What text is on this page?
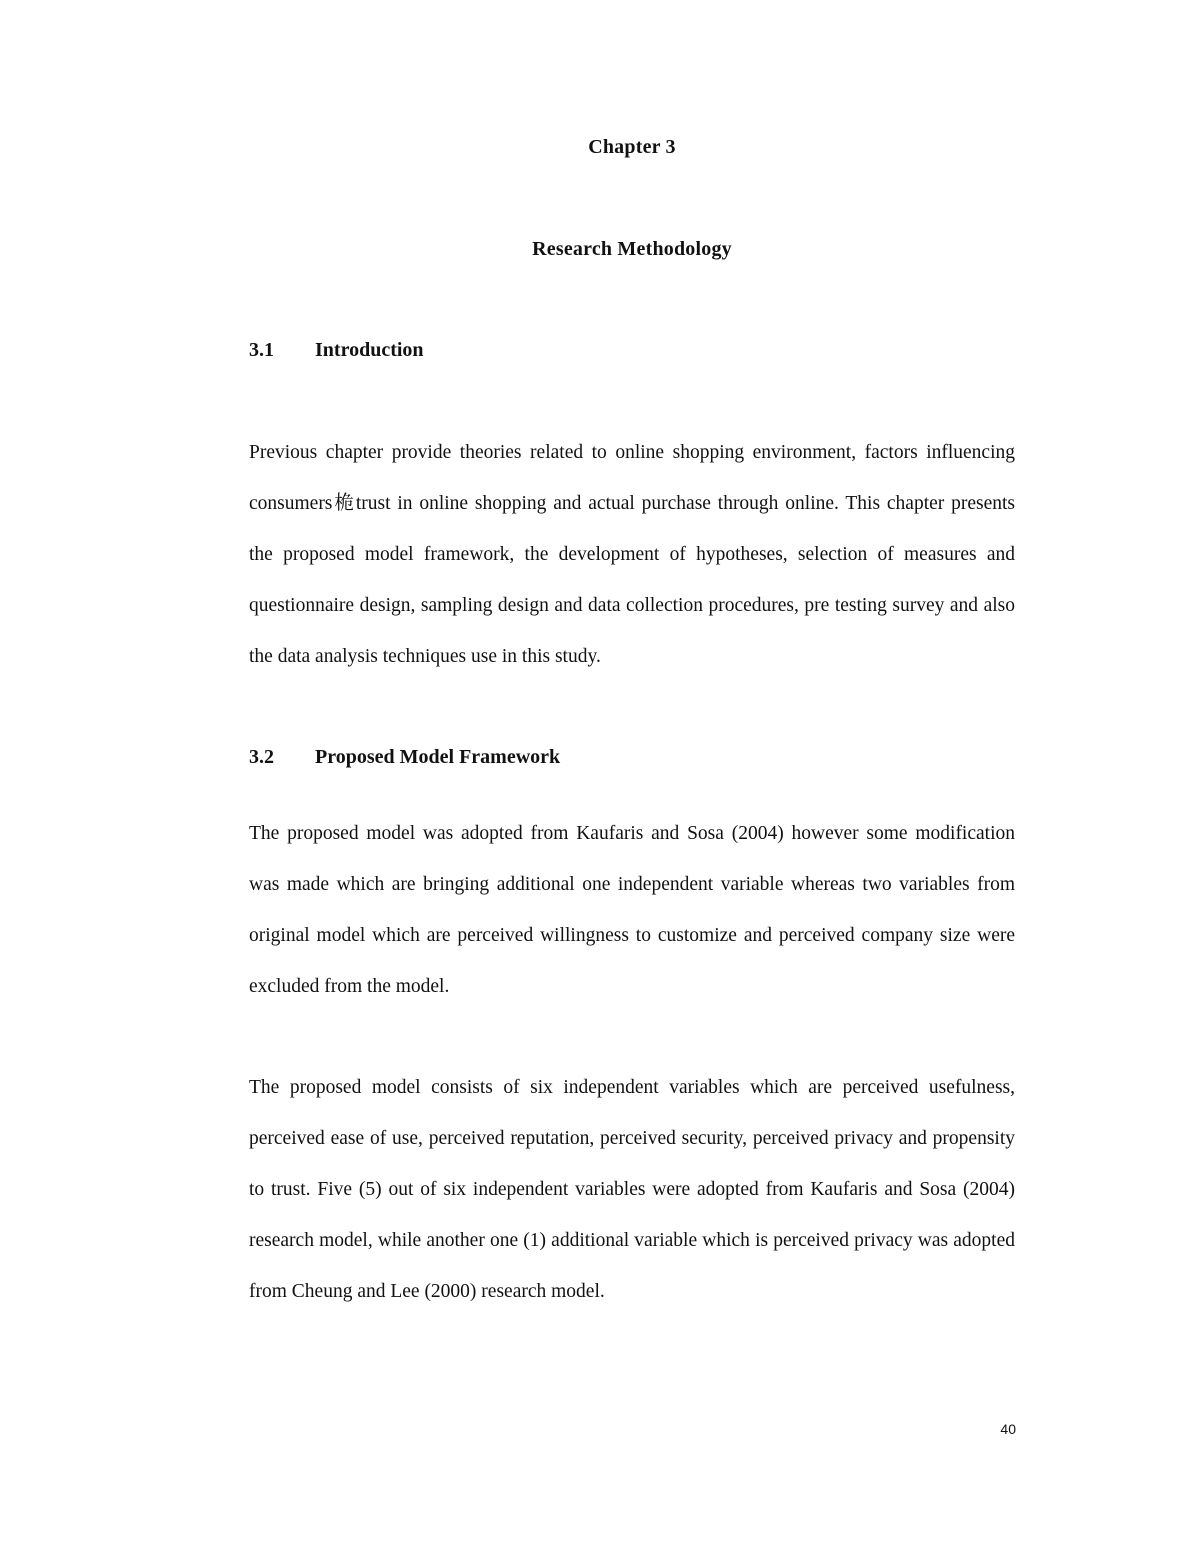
Chapter 3
Research Methodology
3.1 Introduction

Previous chapter provide theories related to online shopping environment, factors influencing consumers桅trust in online shopping and actual purchase through online. This chapter presents the proposed model framework, the development of hypotheses, selection of measures and questionnaire design, sampling design and data collection procedures, pre testing survey and also the data analysis techniques use in this study.

3.2 Proposed Model Framework

The proposed model was adopted from Kaufaris and Sosa (2004) however some modification was made which are bringing additional one independent variable whereas two variables from original model which are perceived willingness to customize and perceived company size were excluded from the model.

The proposed model consists of six independent variables which are perceived usefulness, perceived ease of use, perceived reputation, perceived security, perceived privacy and propensity to trust. Five (5) out of six independent variables were adopted from Kaufaris and Sosa (2004) research model, while another one (1) additional variable which is perceived privacy was adopted from Cheung and Lee (2000) research model.

40
